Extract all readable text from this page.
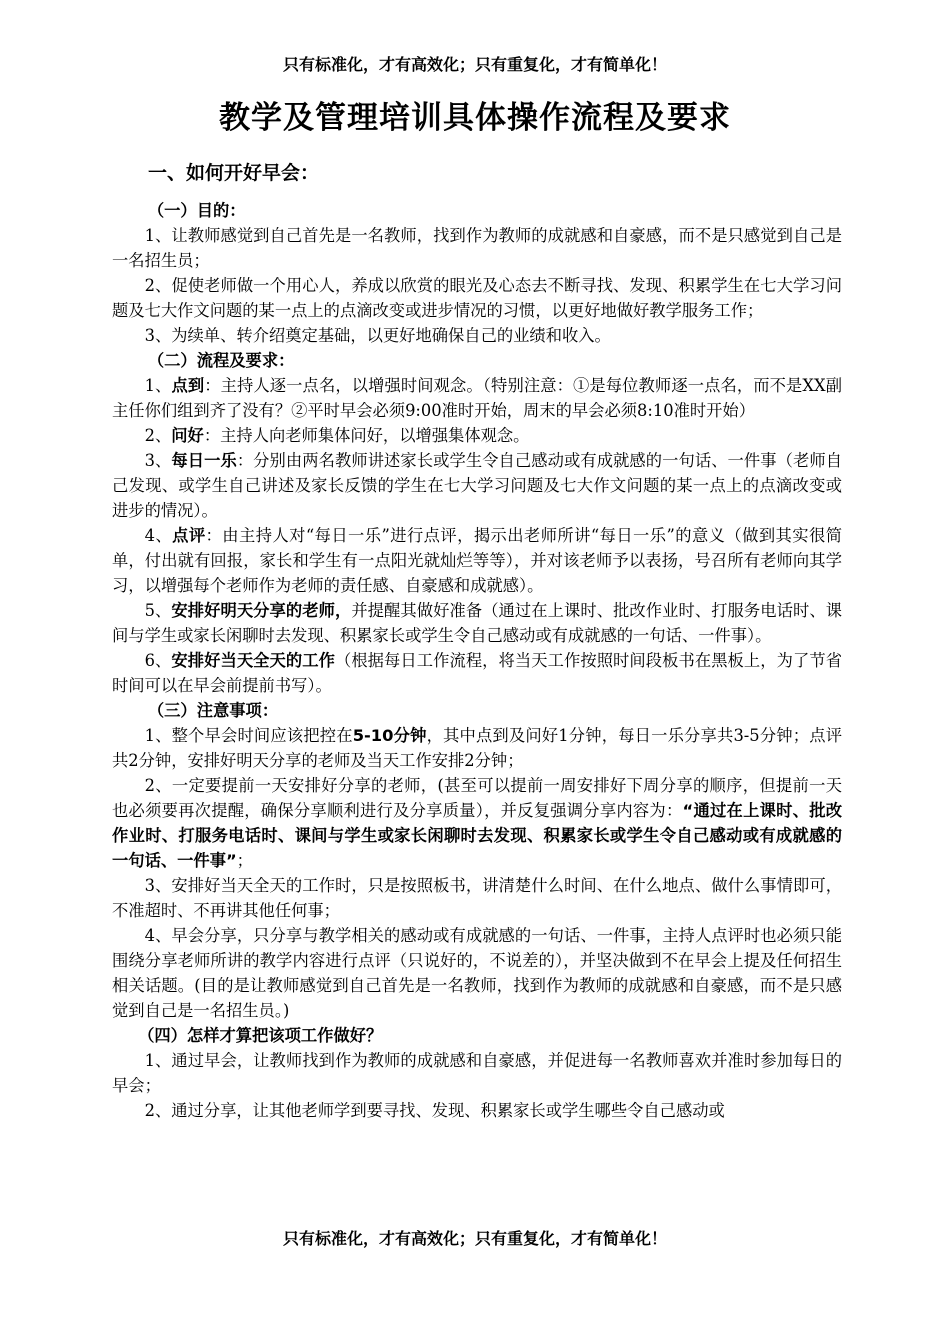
只有标准化，才有高效化；只有重复化，才有简单化！
教学及管理培训具体操作流程及要求
一、如何开好早会：

（一）目的：

1、让教师感觉到自己首先是一名教师，找到作为教师的成就感和自豪感，而不是只感觉到自己是一名招生员；

2、促使老师做一个用心人，养成以欣赏的眼光及心态去不断寻找、发现、积累学生在七大学习问题及七大作文问题的某一点上的点滴改变或进步情况的习惯，以更好地做好教学服务工作；

3、为续单、转介绍奠定基础，以更好地确保自己的业绩和收入。

（二）流程及要求：

1、点到：主持人逐一点名，以增强时间观念。（特别注意：①是每位教师逐一点名，而不是XX副主任你们组到齐了没有？②平时早会必须9:00准时开始，周末的早会必须8:10准时开始）

2、问好：主持人向老师集体问好，以增强集体观念。

3、每日一乐：分别由两名教师讲述家长或学生令自己感动或有成就感的一句话、一件事（老师自己发现、或学生自己讲述及家长反馈的学生在七大学习问题及七大作文问题的某一点上的点滴改变或进步的情况）。

4、点评：由主持人对“每日一乐”进行点评，揭示出老师所讲“每日一乐”的意义（做到其实很简单，付出就有回报，家长和学生有一点阳光就灿烂等等），并对该老师予以表扬，号召所有老师向其学习，以增强每个老师作为老师的责任感、自豪感和成就感）。

5、安排好明天分享的老师，并提醒其做好准备（通过在上课时、批改作业时、打服务电话时、课间与学生或家长闲聊时去发现、积累家长或学生令自己感动或有成就感的一句话、一件事）。

6、安排好当天全天的工作（根据每日工作流程，将当天工作按照时间段板书在黑板上，为了节省时间可以在早会前提前书写）。

（三）注意事项：

1、整个早会时间应该把控在5-10分钟，其中点到及问好1分钟，每日一乐分享共3-5分钟；点评共2分钟，安排好明天分享的老师及当天工作安排2分钟；

2、一定要提前一天安排好分享的老师，(甚至可以提前一周安排好下周分享的顺序，但提前一天也必须要再次提醒，确保分享顺利进行及分享质量），并反复强调分享内容为：“通过在上课时、批改作业时、打服务电话时、课间与学生或家长闲聊时去发现、积累家长或学生令自己感动或有成就感的一句话、一件事”；

3、安排好当天全天的工作时，只是按照板书，讲清楚什么时间、在什么地点、做什么事情即可，不准超时、不再讲其他任何事；

4、早会分享，只分享与教学相关的感动或有成就感的一句话、一件事，主持人点评时也必须只能围绕分享老师所讲的教学内容进行点评（只说好的，不说差的），并坚决做到不在早会上提及任何招生相关话题。(目的是让教师感觉到自己首先是一名教师，找到作为教师的成就感和自豪感，而不是只感觉到自己是一名招生员。)

（四）怎样才算把该项工作做好？

1、通过早会，让教师找到作为教师的成就感和自豪感，并促进每一名教师喜欢并准时参加每日的早会；

2、通过分享，让其他老师学到要寻找、发现、积累家长或学生哪些令自己感动或

只有标准化，才有高效化；只有重复化，才有简单化！
